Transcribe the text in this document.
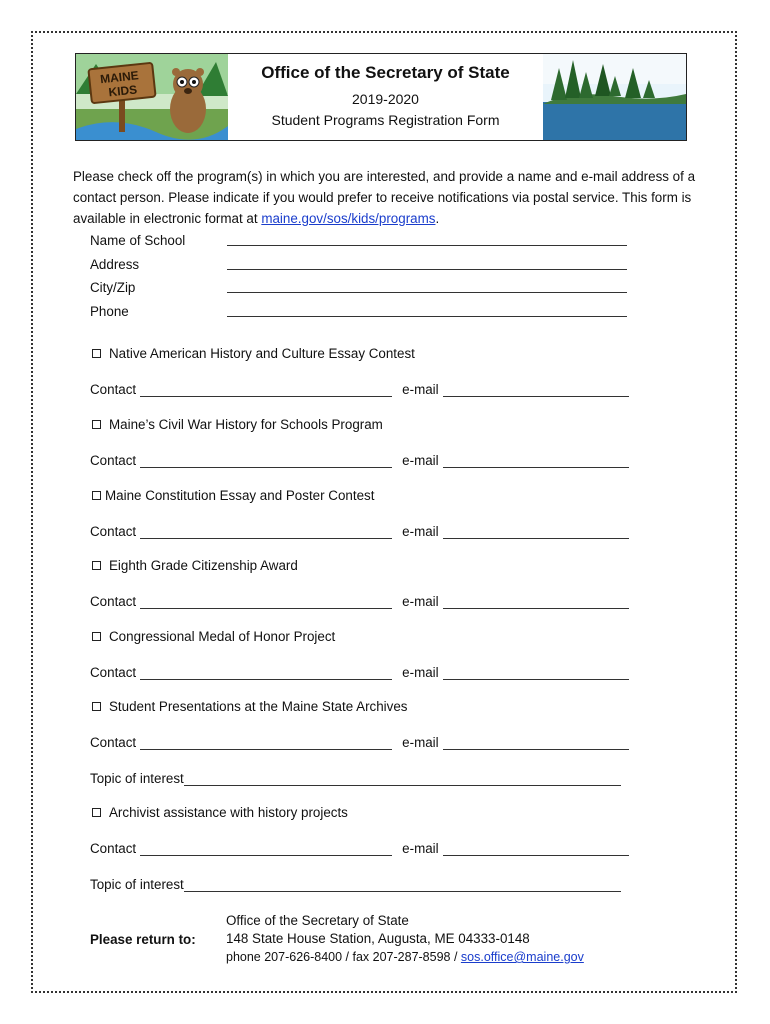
MAINE
KIDS
Office of the Secretary of State
2019-2020
Student Programs Registration Form
Please check off the program(s) in which you are interested, and provide a name and e-mail address of a contact person. Please indicate if you would prefer to receive notifications via postal service. This form is available in electronic format at maine.gov/sos/kids/programs.
Name of School
Address
City/Zip
Phone
Native American History and Culture Essay Contest
Contact	e-mail
Maine’s Civil War History for Schools Program
Contact	e-mail
Maine Constitution Essay and Poster Contest
Contact	e-mail
Eighth Grade Citizenship Award
Contact	e-mail
Congressional Medal of Honor Project
Contact	e-mail
Student Presentations at the Maine State Archives
Contact	e-mail
Topic of interest
Archivist assistance with history projects
Contact	e-mail
Topic of interest
Please return to:
Office of the Secretary of State
148 State House Station, Augusta, ME 04333-0148
phone 207-626-8400 / fax 207-287-8598 / sos.office@maine.gov
